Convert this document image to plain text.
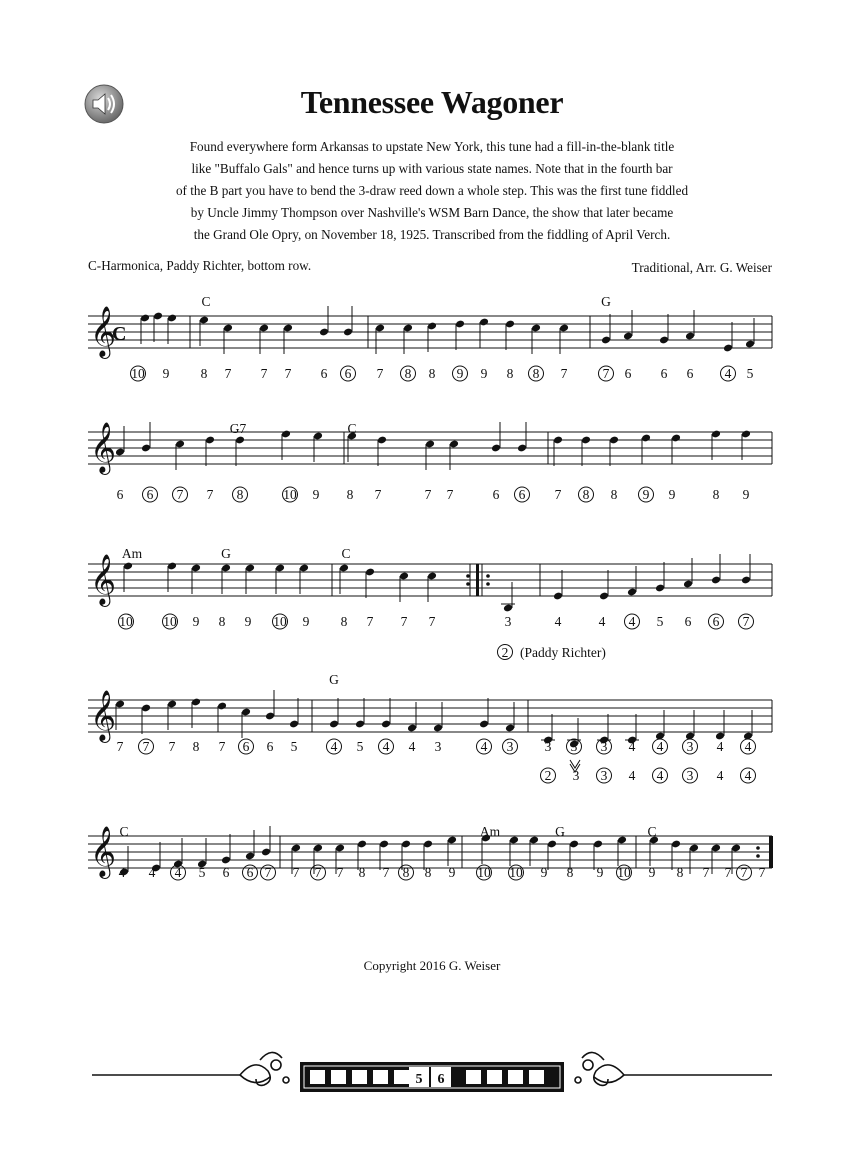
Tennessee Wagoner
Found everywhere form Arkansas to upstate New York, this tune had a fill-in-the-blank title
like "Buffalo Gals" and hence turns up with various state names. Note that in the fourth bar
of the B part you have to bend the 3-draw reed down a whole step. This was the first tune fiddled
by Uncle Jimmy Thompson over Nashville's WSM Barn Dance, the show that later became
the Grand Ole Opry, on November 18, 1925. Transcribed from the fiddling of April Verch.
C-Harmonica, Paddy Richter, bottom row.	Traditional, Arr. G. Weiser
𝄞
C
C	G
10 9 8 7 7 7 6 6 7 8 8 9 9 8 8 7	7 6 6 6 4 5
𝄞	G7	C
6 6 7 7 8	10 9 8 7	7 7	6 6 7 8 8 9 9	8 9
𝄞
Am	G	C
10 10 9 8 9 10 9 8 7 7 7	3	4	4 4 5 6 6 7
2 (Paddy Richter)
𝄞
G
7 7 7 8 7 6 6 5 4 5 4 4 3	4 3 3 3 3 4 4 3 4 4
2 3 3 4 4 3 4 4
𝄞 C	Am	G	C
4 4 4 5 6 6 7 7 7 7 8 7 8 8 9 10 10 9 8 9 10 9 8 7 7 7 7
Copyright 2016 G. Weiser
5 6
